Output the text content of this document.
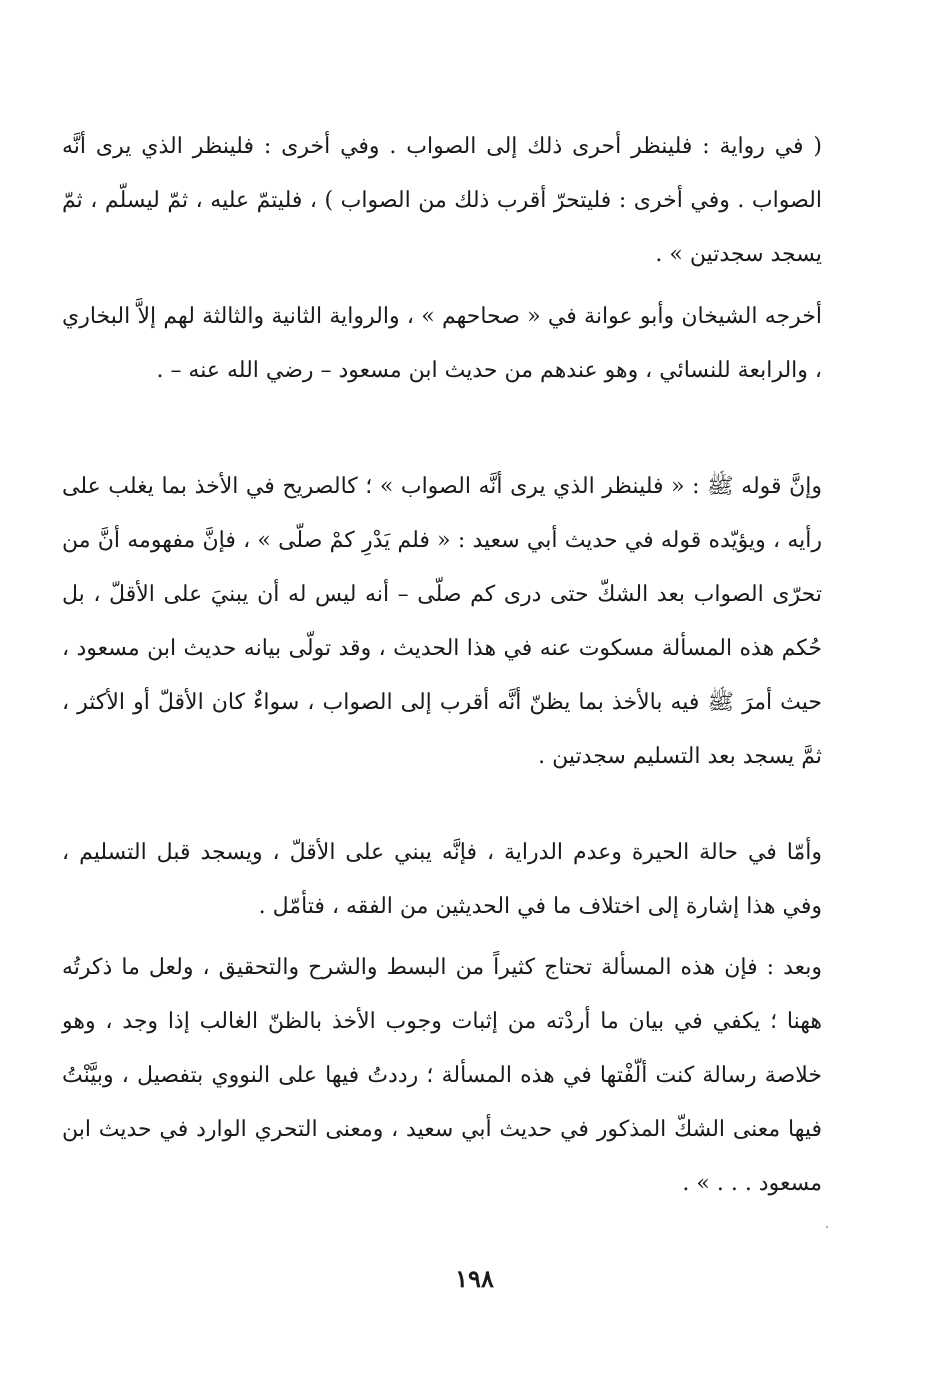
( في رواية : فلينظر أحرى ذلك إلى الصواب . وفي أخرى : فلينظر الذي يرى أنَّه الصواب . وفي أخرى : فليتحرّ أقرب ذلك من الصواب ) ، فليتمّ عليه ، ثمّ ليسلّم ، ثمّ يسجد سجدتين » .

أخرجه الشيخان وأبو عوانة في « صحاحهم » ، والرواية الثانية والثالثة لهم إلاَّ البخاري ، والرابعة للنسائي ، وهو عندهم من حديث ابن مسعود – رضي الله عنه – .

وإنَّ قوله ﷺ : « فلينظر الذي يرى أنَّه الصواب » ؛ كالصريح في الأخذ بما يغلب على رأيه ، ويؤيّده قوله في حديث أبي سعيد : « فلم يَدْرِ كمْ صلّى » ، فإنَّ مفهومه أنَّ من تحرّى الصواب بعد الشكّ حتى درى كم صلّى – أنه ليس له أن يبنيَ على الأقلّ ، بل حُكم هذه المسألة مسكوت عنه في هذا الحديث ، وقد تولّى بيانه حديث ابن مسعود ، حيث أمرَ ﷺ فيه بالأخذ بما يظنّ أنَّه أقرب إلى الصواب ، سواءٌ كان الأقلّ أو الأكثر ، ثمَّ يسجد بعد التسليم سجدتين .

وأمّا في حالة الحيرة وعدم الدراية ، فإنَّه يبني على الأقلّ ، ويسجد قبل التسليم ، وفي هذا إشارة إلى اختلاف ما في الحديثين من الفقه ، فتأمّل .

وبعد : فإن هذه المسألة تحتاج كثيراً من البسط والشرح والتحقيق ، ولعل ما ذكرتُه ههنا ؛ يكفي في بيان ما أردْته من إثبات وجوب الأخذ بالظنّ الغالب إذا وجد ، وهو خلاصة رسالة كنت ألّفْتها في هذه المسألة ؛ رددتُ فيها على النووي بتفصيل ، وبيَّنْتُ فيها معنى الشكّ المذكور في حديث أبي سعيد ، ومعنى التحري الوارد في حديث ابن مسعود . . . » .

١٩٨
